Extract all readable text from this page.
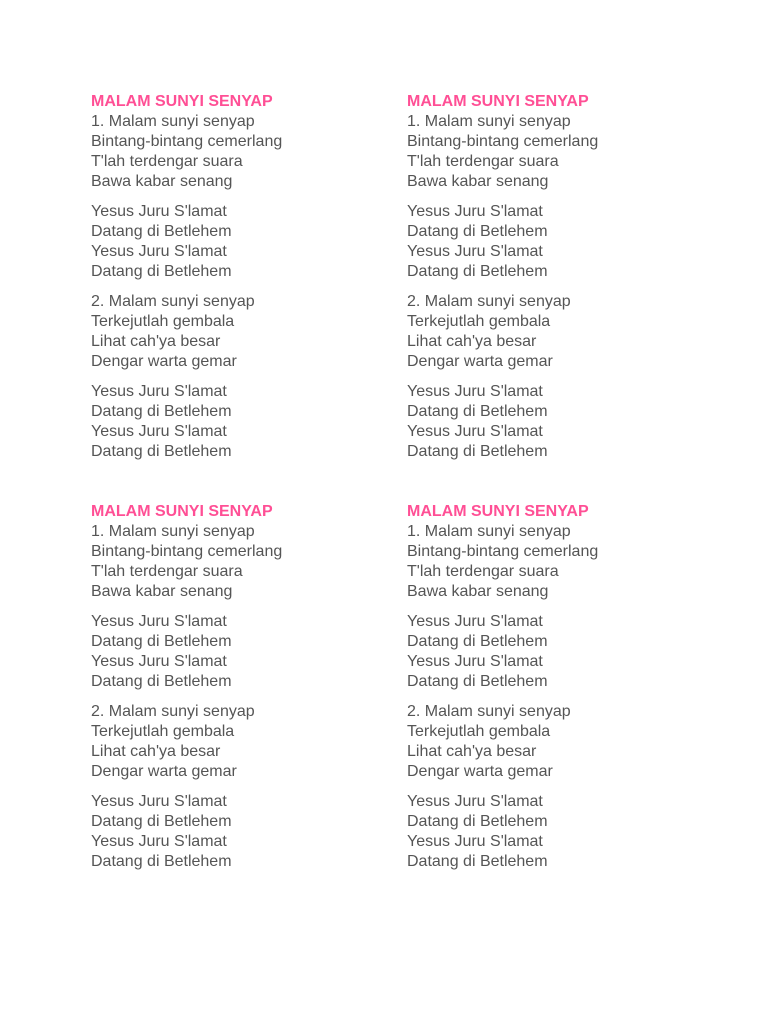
MALAM SUNYI SENYAP
1. Malam sunyi senyap
Bintang-bintang cemerlang
T'lah terdengar suara
Bawa kabar senang
Yesus Juru S'lamat
Datang di Betlehem
Yesus Juru S'lamat
Datang di Betlehem
2. Malam sunyi senyap
Terkejutlah gembala
Lihat cah'ya besar
Dengar warta gemar
Yesus Juru S'lamat
Datang di Betlehem
Yesus Juru S'lamat
Datang di Betlehem
MALAM SUNYI SENYAP
1. Malam sunyi senyap
Bintang-bintang cemerlang
T'lah terdengar suara
Bawa kabar senang
Yesus Juru S'lamat
Datang di Betlehem
Yesus Juru S'lamat
Datang di Betlehem
2. Malam sunyi senyap
Terkejutlah gembala
Lihat cah'ya besar
Dengar warta gemar
Yesus Juru S'lamat
Datang di Betlehem
Yesus Juru S'lamat
Datang di Betlehem
MALAM SUNYI SENYAP
1. Malam sunyi senyap
Bintang-bintang cemerlang
T'lah terdengar suara
Bawa kabar senang
Yesus Juru S'lamat
Datang di Betlehem
Yesus Juru S'lamat
Datang di Betlehem
2. Malam sunyi senyap
Terkejutlah gembala
Lihat cah'ya besar
Dengar warta gemar
Yesus Juru S'lamat
Datang di Betlehem
Yesus Juru S'lamat
Datang di Betlehem
MALAM SUNYI SENYAP
1. Malam sunyi senyap
Bintang-bintang cemerlang
T'lah terdengar suara
Bawa kabar senang
Yesus Juru S'lamat
Datang di Betlehem
Yesus Juru S'lamat
Datang di Betlehem
2. Malam sunyi senyap
Terkejutlah gembala
Lihat cah'ya besar
Dengar warta gemar
Yesus Juru S'lamat
Datang di Betlehem
Yesus Juru S'lamat
Datang di Betlehem
